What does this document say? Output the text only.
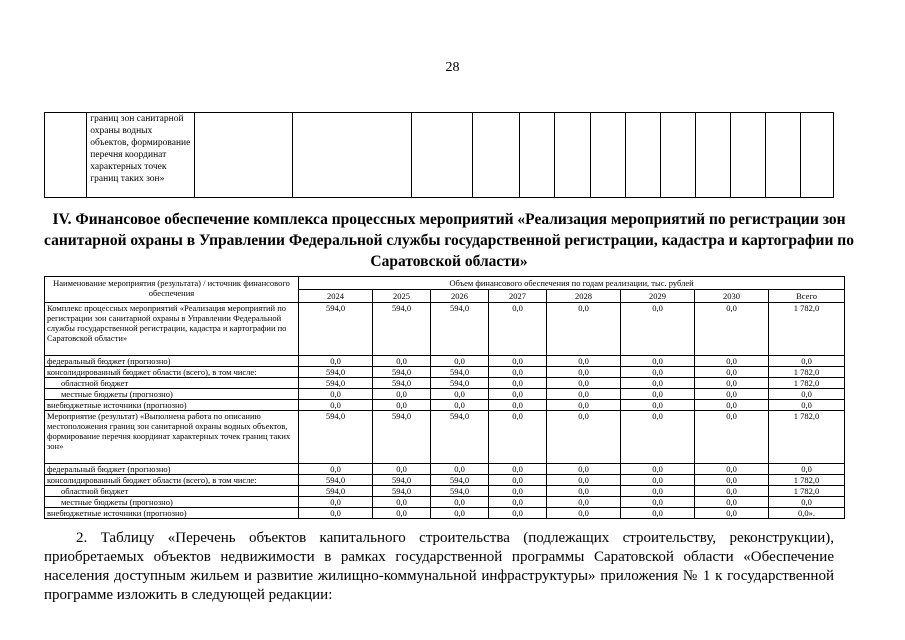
28
	границ зон санитарной охраны водных объектов, формирование перечня координат характерных точек границ таких зон»													
IV. Финансовое обеспечение комплекса процессных мероприятий «Реализация мероприятий по регистрации зон санитарной охраны в Управлении Федеральной службы государственной регистрации, кадастра и картографии по Саратовской области»
Наименование мероприятия (результата) / источник финансового обеспечения	Объем финансового обеспечения по годам реализации, тыс. рублей							
	2024	2025	2026	2027	2028	2029	2030	Всего
Комплекс процессных мероприятий «Реализация мероприятий по регистрации зон санитарной охраны в Управлении Федеральной службы государственной регистрации, кадастра и картографии по Саратовской области»	594,0	594,0	594,0	0,0	0,0	0,0	0,0	1 782,0
федеральный бюджет (прогнозно)	0,0	0,0	0,0	0,0	0,0	0,0	0,0	0,0
консолидированный бюджет области (всего), в том числе:	594,0	594,0	594,0	0,0	0,0	0,0	0,0	1 782,0
областной бюджет	594,0	594,0	594,0	0,0	0,0	0,0	0,0	1 782,0
местные бюджеты (прогнозно)	0,0	0,0	0,0	0,0	0,0	0,0	0,0	0,0
внебюджетные источники (прогнозно)	0,0	0,0	0,0	0,0	0,0	0,0	0,0	0,0
Мероприятие (результат) «Выполнена работа по описанию местоположения границ зон санитарной охраны водных объектов, формирование перечня координат характерных точек границ таких зон»	594,0	594,0	594,0	0,0	0,0	0,0	0,0	1 782,0
федеральный бюджет (прогнозно)	0,0	0,0	0,0	0,0	0,0	0,0	0,0	0,0
консолидированный бюджет области (всего), в том числе:	594,0	594,0	594,0	0,0	0,0	0,0	0,0	1 782,0
областной бюджет	594,0	594,0	594,0	0,0	0,0	0,0	0,0	1 782,0
местные бюджеты (прогнозно)	0,0	0,0	0,0	0,0	0,0	0,0	0,0	0,0
внебюджетные источники (прогнозно)	0,0	0,0	0,0	0,0	0,0	0,0	0,0	0,0».
2. Таблицу «Перечень объектов капитального строительства (подлежащих строительству, реконструкции), приобретаемых объектов недвижимости в рамках государственной программы Саратовской области «Обеспечение населения доступным жильем и развитие жилищно-коммунальной инфраструктуры» приложения № 1 к государственной программе изложить в следующей редакции:
